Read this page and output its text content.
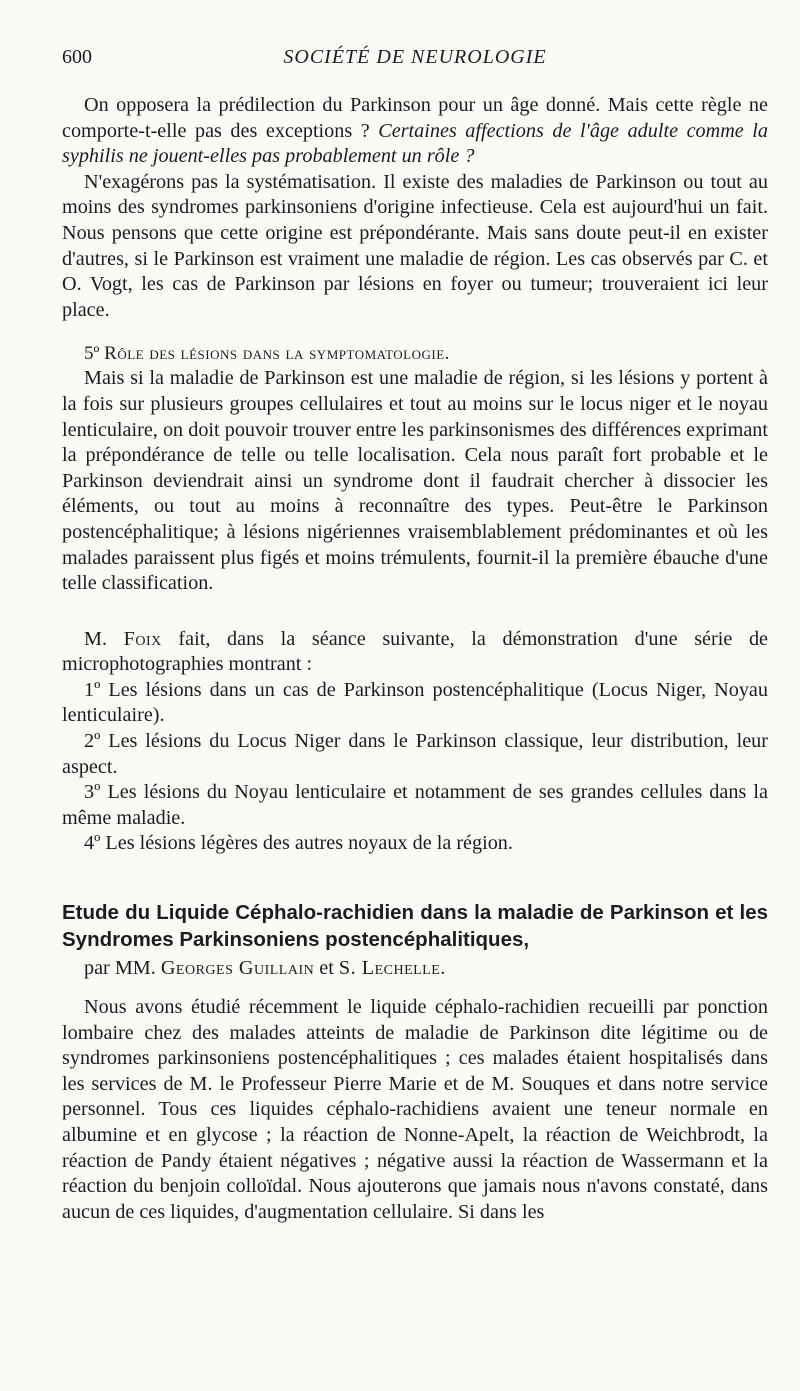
600	SOCIÉTÉ DE NEUROLOGIE

On opposera la prédilection du Parkinson pour un âge donné. Mais cette règle ne comporte-t-elle pas des exceptions ? Certaines affections de l'âge adulte comme la syphilis ne jouent-elles pas probablement un rôle ?

N'exagérons pas la systématisation. Il existe des maladies de Parkinson ou tout au moins des syndromes parkinsoniens d'origine infectieuse. Cela est aujourd'hui un fait. Nous pensons que cette origine est prépondérante. Mais sans doute peut-il en exister d'autres, si le Parkinson est vraiment une maladie de région. Les cas observés par C. et O. Vogt, les cas de Parkinson par lésions en foyer ou tumeur; trouveraient ici leur place.

5º Rôle des lésions dans la symptomatologie.

Mais si la maladie de Parkinson est une maladie de région, si les lésions y portent à la fois sur plusieurs groupes cellulaires et tout au moins sur le locus niger et le noyau lenticulaire, on doit pouvoir trouver entre les parkinsonismes des différences exprimant la prépondérance de telle ou telle localisation. Cela nous paraît fort probable et le Parkinson deviendrait ainsi un syndrome dont il faudrait chercher à dissocier les éléments, ou tout au moins à reconnaître des types. Peut-être le Parkinson postencéphalitique; à lésions nigériennes vraisemblablement prédominantes et où les malades paraissent plus figés et moins trémulents, fournit-il la première ébauche d'une telle classification.

M. Foix fait, dans la séance suivante, la démonstration d'une série de microphotographies montrant :

1º Les lésions dans un cas de Parkinson postencéphalitique (Locus Niger, Noyau lenticulaire).

2º Les lésions du Locus Niger dans le Parkinson classique, leur distribution, leur aspect.

3º Les lésions du Noyau lenticulaire et notamment de ses grandes cellules dans la même maladie.

4º Les lésions légères des autres noyaux de la région.

Etude du Liquide Céphalo-rachidien dans la maladie de Parkinson et les Syndromes Parkinsoniens postencéphalitiques,

par MM. Georges Guillain et S. Lechelle.

Nous avons étudié récemment le liquide céphalo-rachidien recueilli par ponction lombaire chez des malades atteints de maladie de Parkinson dite légitime ou de syndromes parkinsoniens postencéphalitiques ; ces malades étaient hospitalisés dans les services de M. le Professeur Pierre Marie et de M. Souques et dans notre service personnel. Tous ces liquides céphalo-rachidiens avaient une teneur normale en albumine et en glycose ; la réaction de Nonne-Apelt, la réaction de Weichbrodt, la réaction de Pandy étaient négatives ; négative aussi la réaction de Wassermann et la réaction du benjoin colloïdal. Nous ajouterons que jamais nous n'avons constaté, dans aucun de ces liquides, d'augmentation cellulaire. Si dans les
